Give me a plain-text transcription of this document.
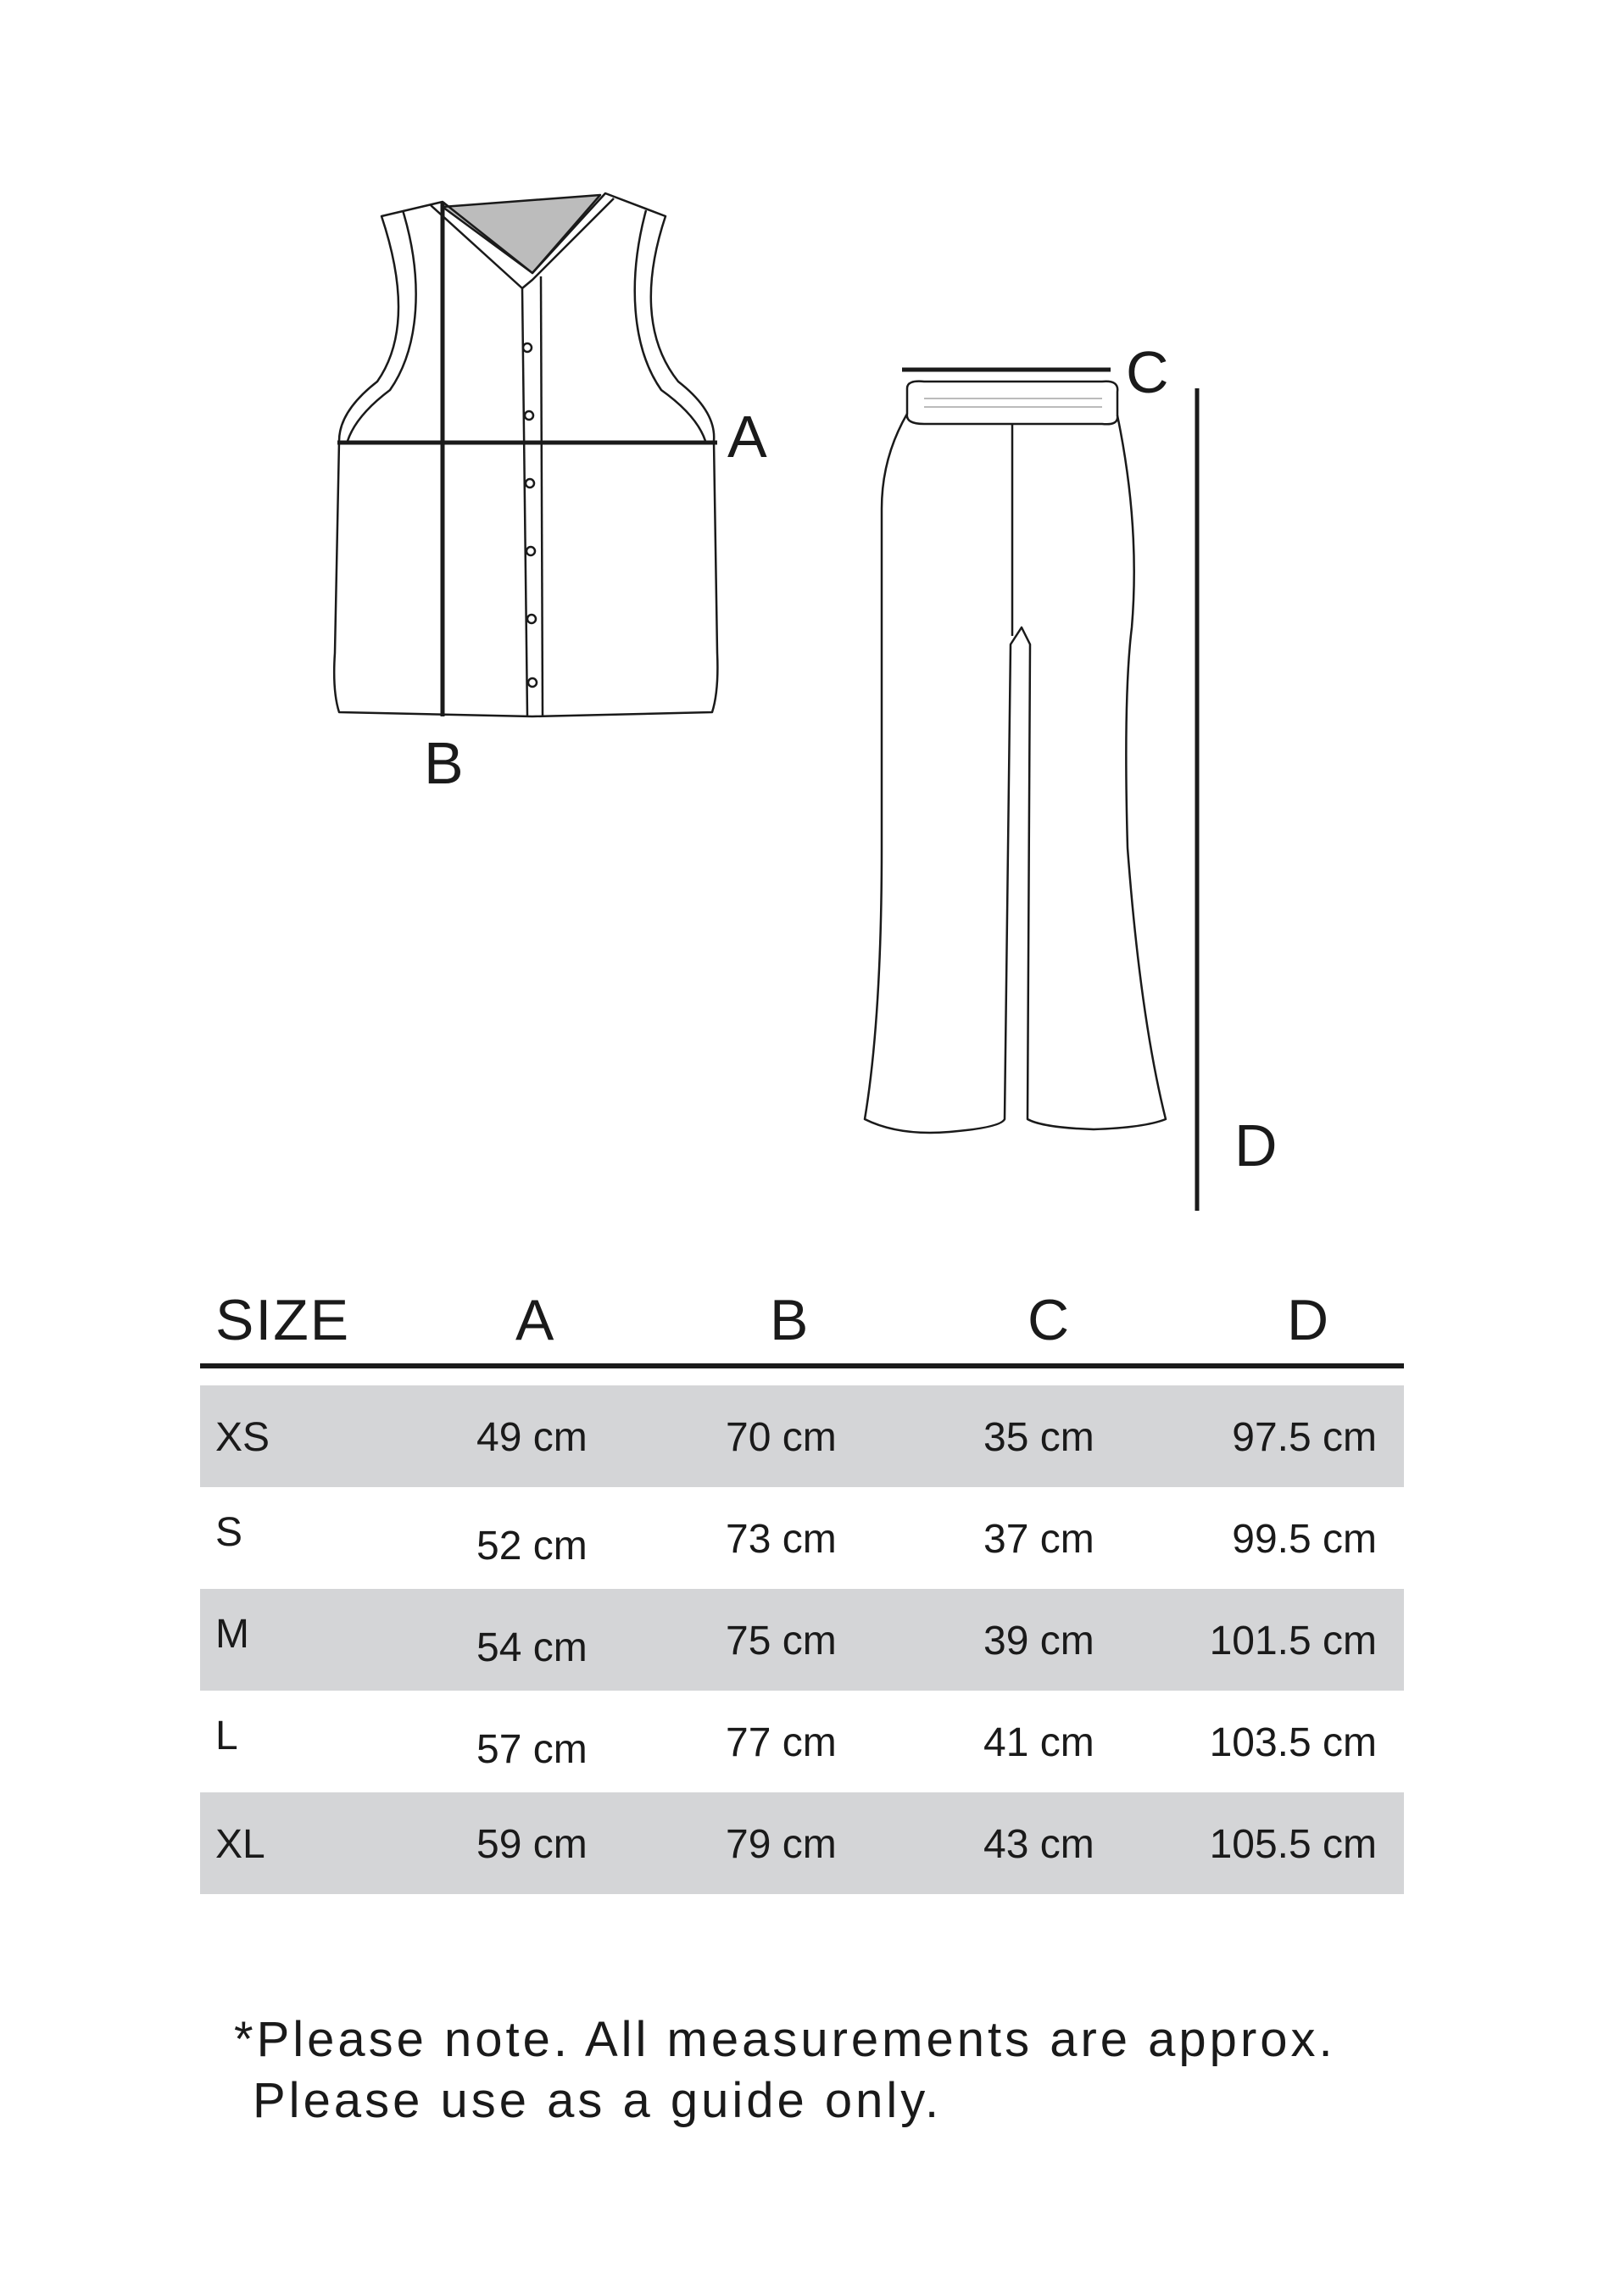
A
B
C
D
SIZE	A	B	C	D
XS	49 cm	70 cm	35 cm	97.5 cm
S	52 cm	73 cm	37 cm	99.5 cm
M	54 cm	75 cm	39 cm	101.5 cm
L	57 cm	77 cm	41 cm	103.5 cm
XL	59 cm	79 cm	43 cm	105.5 cm
*Please note. All measurements are approx.
Please use as a guide only.
